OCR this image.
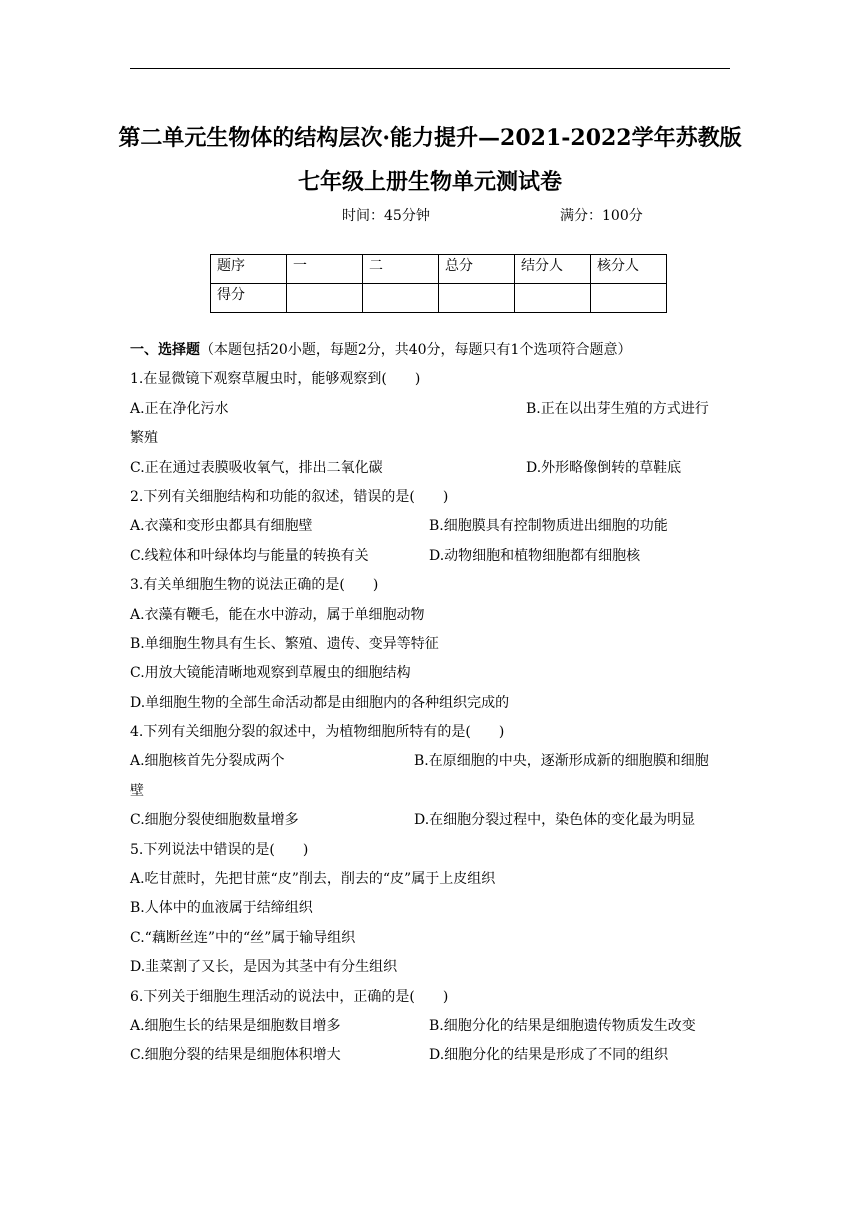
第二单元生物体的结构层次·能力提升—2021-2022学年苏教版
七年级上册生物单元测试卷
时间：45分钟	满分：100分
题序	一	二	总分	结分人	核分人
得分					
一、选择题（本题包括20小题，每题2分，共40分，每题只有1个选项符合题意）
1.在显微镜下观察草履虫时，能够观察到(　　)
A.正在净化污水	B.正在以出芽生殖的方式进行
繁殖
C.正在通过表膜吸收氧气，排出二氧化碳	D.外形略像倒转的草鞋底
2.下列有关细胞结构和功能的叙述，错误的是(　　)
A.衣藻和变形虫都具有细胞壁	B.细胞膜具有控制物质进出细胞的功能
C.线粒体和叶绿体均与能量的转换有关	D.动物细胞和植物细胞都有细胞核
3.有关单细胞生物的说法正确的是(　　)
A.衣藻有鞭毛，能在水中游动，属于单细胞动物
B.单细胞生物具有生长、繁殖、遗传、变异等特征
C.用放大镜能清晰地观察到草履虫的细胞结构
D.单细胞生物的全部生命活动都是由细胞内的各种组织完成的
4.下列有关细胞分裂的叙述中，为植物细胞所特有的是(　　)
A.细胞核首先分裂成两个	B.在原细胞的中央，逐渐形成新的细胞膜和细胞
壁
C.细胞分裂使细胞数量增多	D.在细胞分裂过程中，染色体的变化最为明显
5.下列说法中错误的是(　　)
A.吃甘蔗时，先把甘蔗“皮”削去，削去的“皮”属于上皮组织
B.人体中的血液属于结缔组织
C.“藕断丝连”中的“丝”属于输导组织
D.韭菜割了又长，是因为其茎中有分生组织
6.下列关于细胞生理活动的说法中，正确的是(　　)
A.细胞生长的结果是细胞数目增多	B.细胞分化的结果是细胞遗传物质发生改变
C.细胞分裂的结果是细胞体积增大	D.细胞分化的结果是形成了不同的组织
